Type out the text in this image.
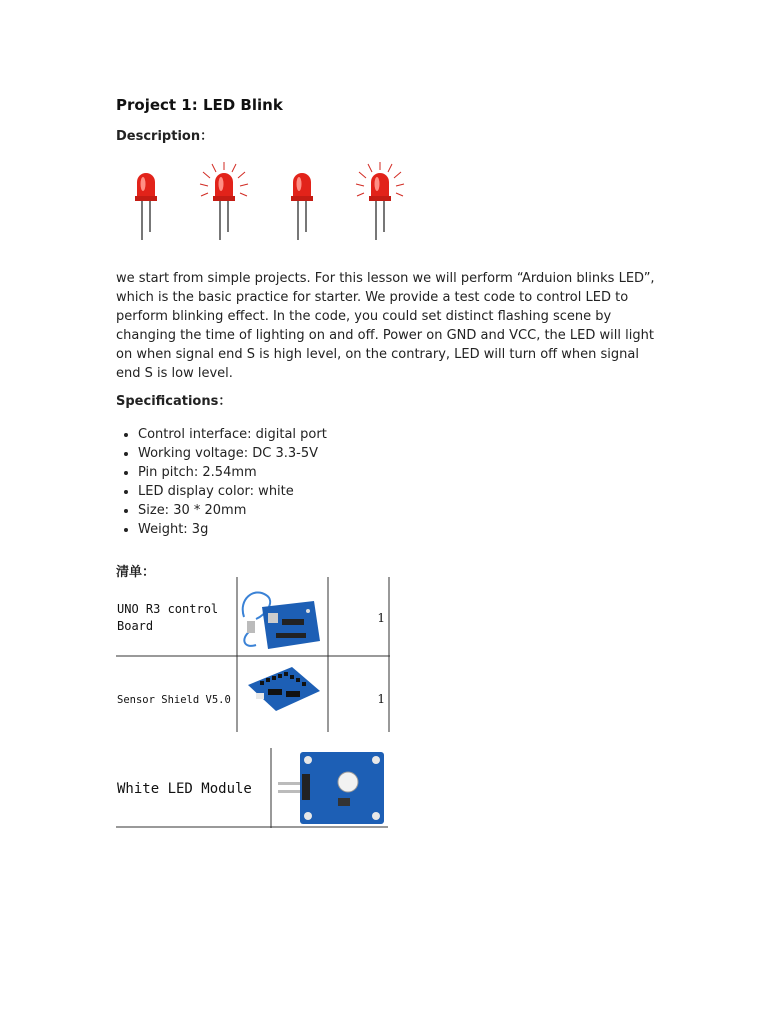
Project 1: LED Blink
Description：

we start from simple projects. For this lesson we will perform “Arduion blinks LED”, which is the basic practice for starter. We provide a test code to control LED to perform blinking effect. In the code, you could set distinct flashing scene by changing the time of lighting on and off. Power on GND and VCC, the LED will light on when signal end S is high level, on the contrary, LED will turn off when signal end S is low level.

Specifications：
• Control interface: digital port
• Working voltage: DC 3.3-5V
• Pin pitch: 2.54mm
• LED display color: white
• Size: 30 * 20mm
• Weight: 3g
清单：
UNO R3 control
Board
1
Sensor Shield V5.0	1
White LED Module
